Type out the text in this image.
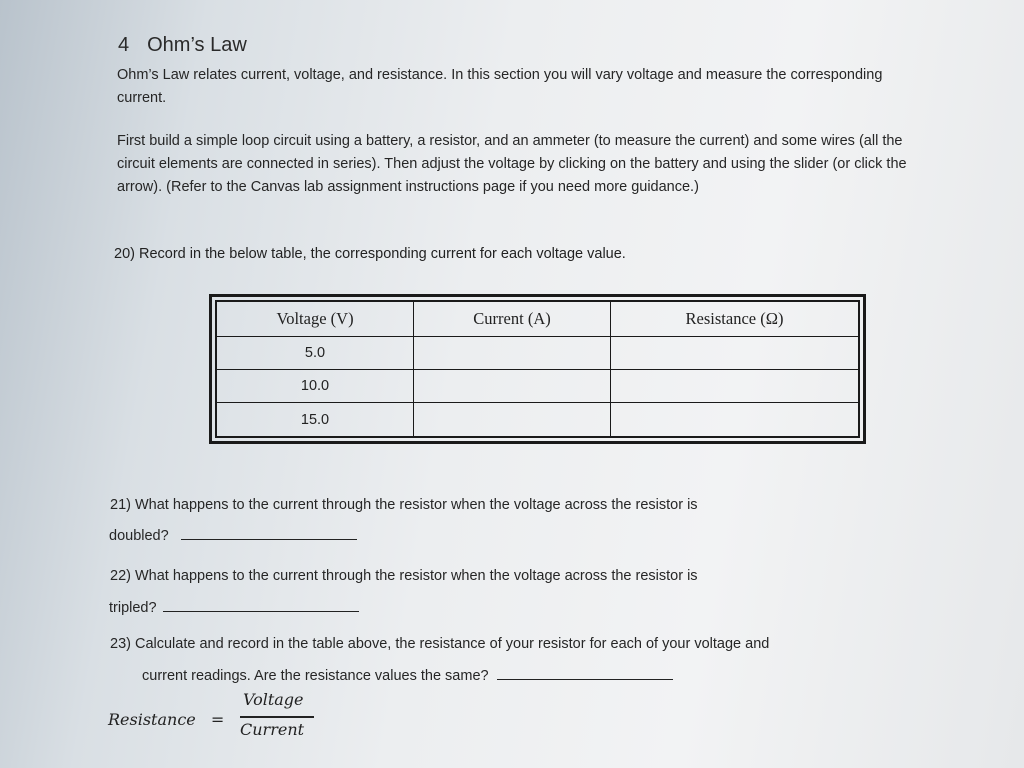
4 Ohm’s Law
Ohm’s Law relates current, voltage, and resistance. In this section you will vary voltage and measure the corresponding current.
First build a simple loop circuit using a battery, a resistor, and an ammeter (to measure the current) and some wires (all the circuit elements are connected in series). Then adjust the voltage by clicking on the battery and using the slider (or click the arrow). (Refer to the Canvas lab assignment instructions page if you need more guidance.)
20) Record in the below table, the corresponding current for each voltage value.
Voltage (V)	Current (A)	Resistance (Ω)
5.0		
10.0		
15.0		
21) What happens to the current through the resistor when the voltage across the resistor is
doubled?
22) What happens to the current through the resistor when the voltage across the resistor is
tripled?
23) Calculate and record in the table above, the resistance of your resistor for each of your voltage and
current readings. Are the resistance values the same?
Resistance =
Voltage
Current
